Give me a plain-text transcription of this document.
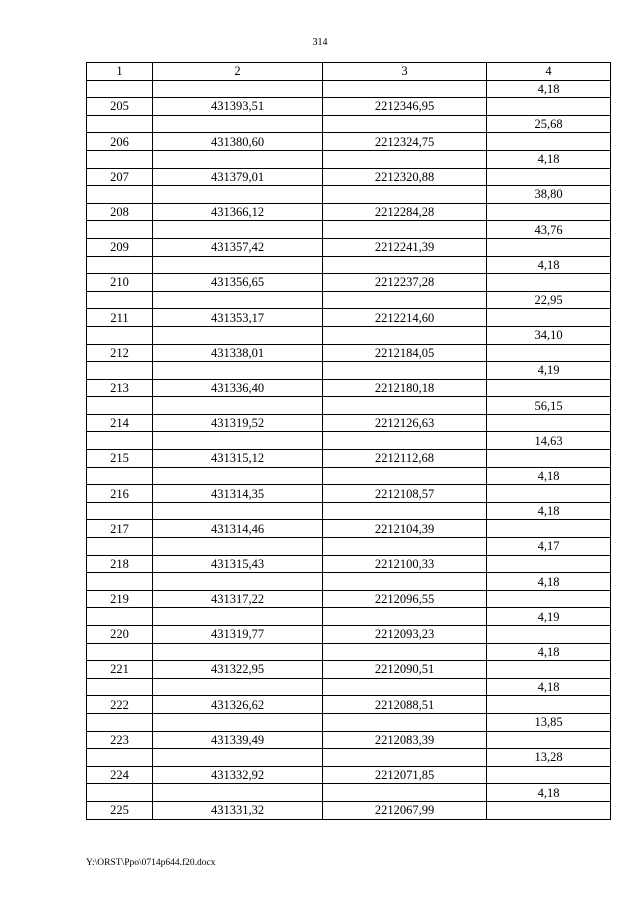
314
1	2	3	4
			4,18
205	431393,51	2212346,95	
			25,68
206	431380,60	2212324,75	
			4,18
207	431379,01	2212320,88	
			38,80
208	431366,12	2212284,28	
			43,76
209	431357,42	2212241,39	
			4,18
210	431356,65	2212237,28	
			22,95
211	431353,17	2212214,60	
			34,10
212	431338,01	2212184,05	
			4,19
213	431336,40	2212180,18	
			56,15
214	431319,52	2212126,63	
			14,63
215	431315,12	2212112,68	
			4,18
216	431314,35	2212108,57	
			4,18
217	431314,46	2212104,39	
			4,17
218	431315,43	2212100,33	
			4,18
219	431317,22	2212096,55	
			4,19
220	431319,77	2212093,23	
			4,18
221	431322,95	2212090,51	
			4,18
222	431326,62	2212088,51	
			13,85
223	431339,49	2212083,39	
			13,28
224	431332,92	2212071,85	
			4,18
225	431331,32	2212067,99	
Y:\ORST\Ppo\0714p644.f20.docx
